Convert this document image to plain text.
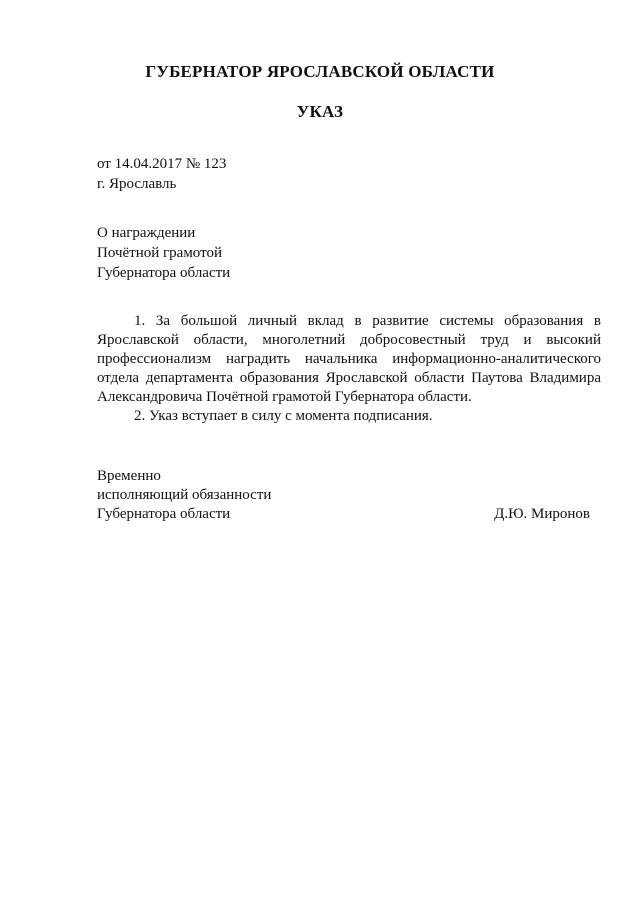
ГУБЕРНАТОР ЯРОСЛАВСКОЙ ОБЛАСТИ
УКАЗ
от 14.04.2017 № 123
г. Ярославль
О награждении
Почётной грамотой
Губернатора области

1. За большой личный вклад в развитие системы образования в Ярославской области, многолетний добросовестный труд и высокий профессионализм наградить начальника информационно-аналитического отдела департамента образования Ярославской области Паутова Владимира Александровича Почётной грамотой Губернатора области.

2. Указ вступает в силу с момента подписания.

Временно
исполняющий обязанности
Губернатора области	Д.Ю. Миронов
